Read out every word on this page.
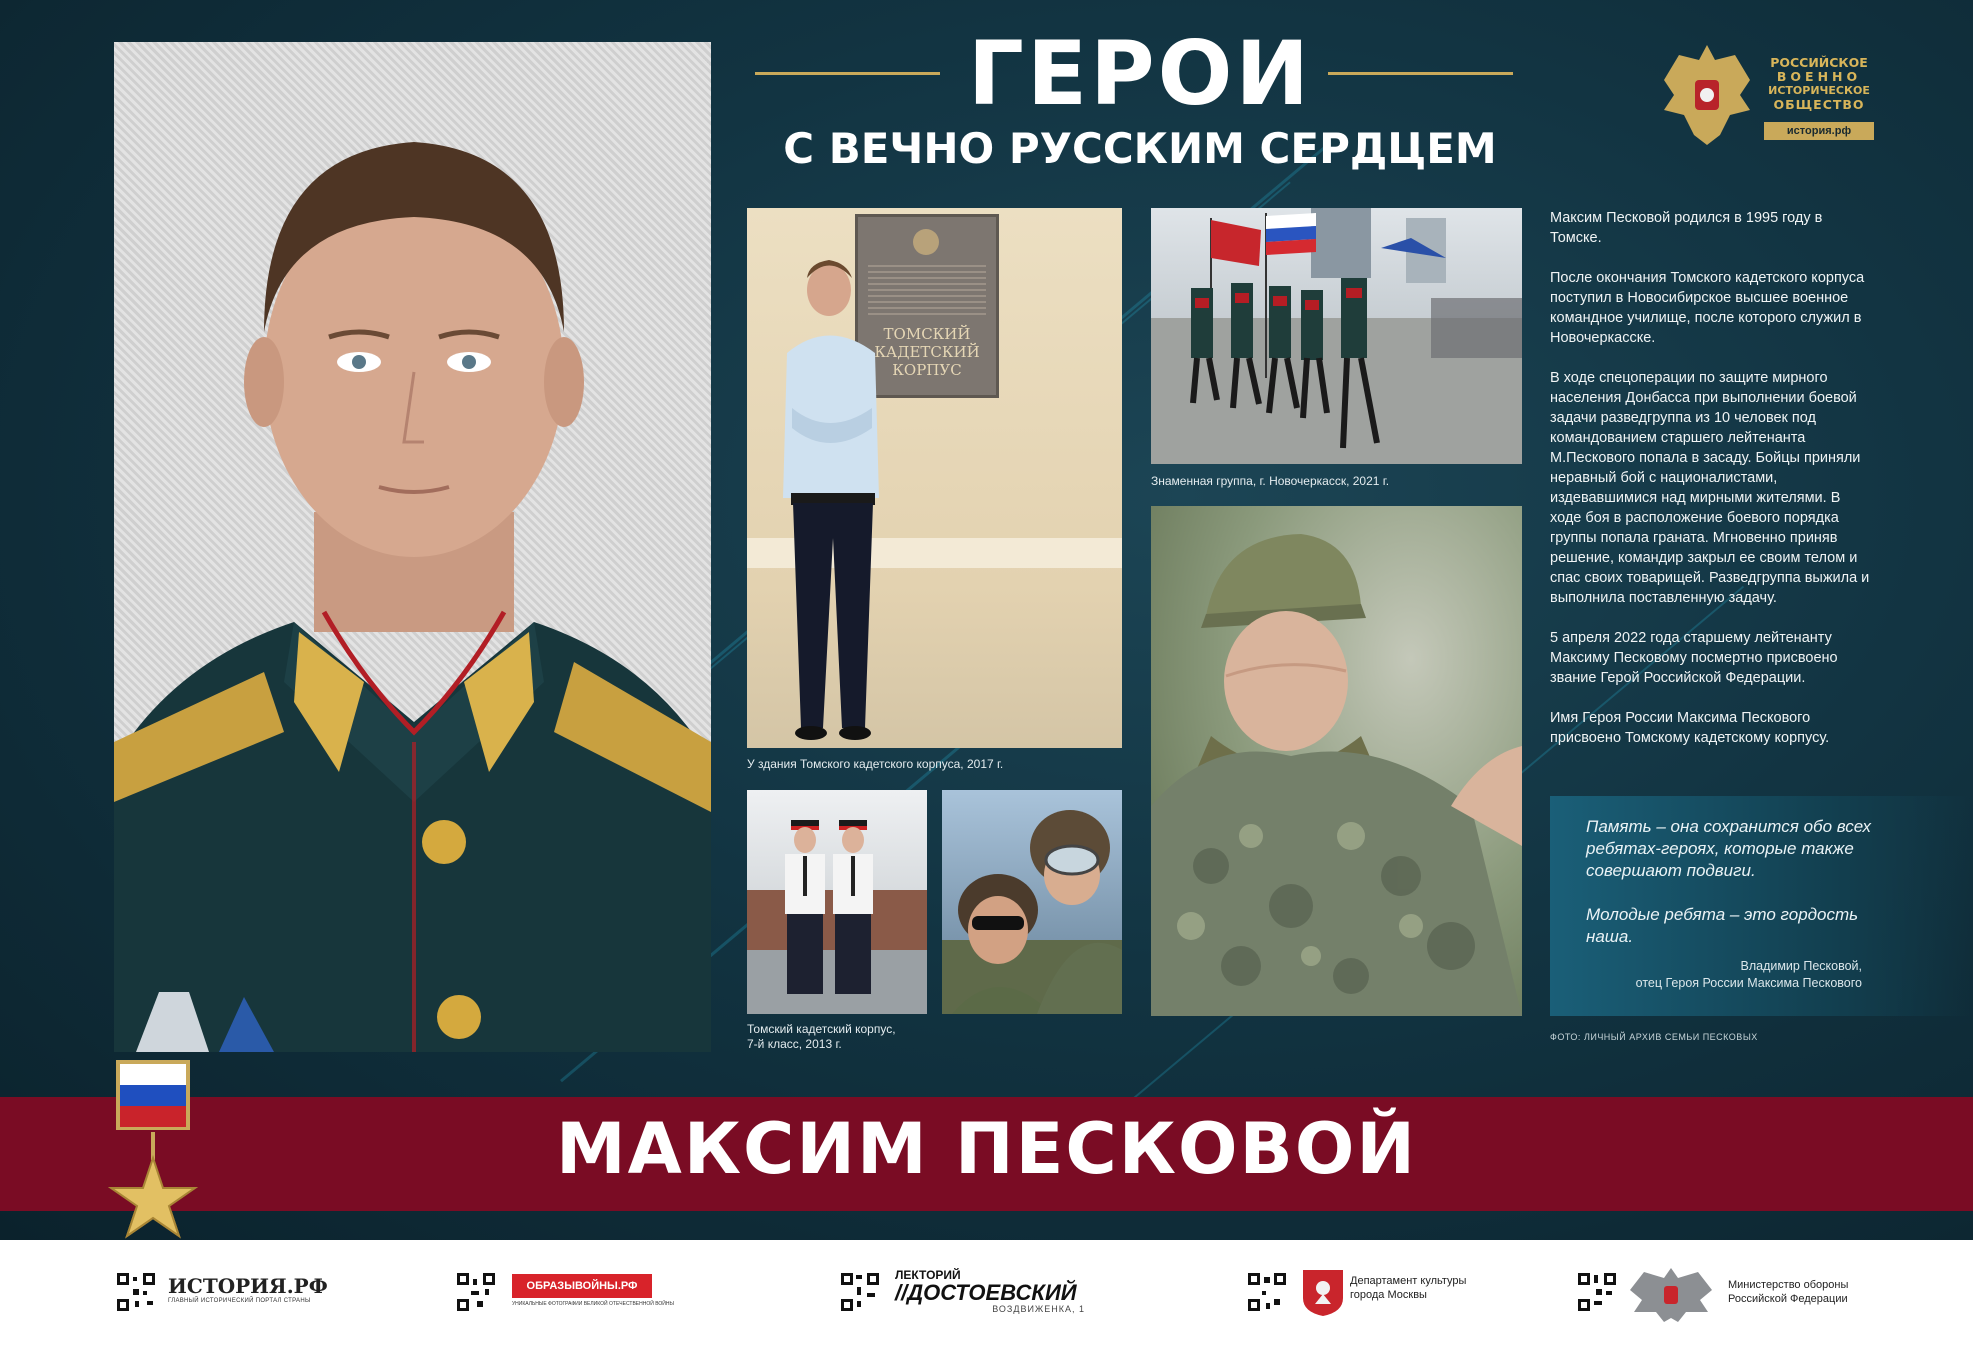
ГЕРОИ
С ВЕЧНО РУССКИМ СЕРДЦЕМ
РОССИЙСКОЕ
ВОЕННО
ИСТОРИЧЕСКОЕ
ОБЩЕСТВО
история.рф
ТОМСКИЙ
КАДЕТСКИЙ
КОРПУС
У здания Томского кадетского корпуса, 2017 г.
Знаменная группа, г. Новочеркасск, 2021 г.
Томский кадетский корпус,
7-й класс, 2013 г.

Максим Песковой родился в 1995 году в Томске.

После окончания Томского кадетского корпуса поступил в Новосибирское высшее военное командное училище, после которого служил в Новочеркасске.

В ходе спецоперации по защите мирного населения Донбасса при выполнении боевой задачи разведгруппа из 10 человек под командованием старшего лейтенанта М.Пескового попала в засаду. Бойцы приняли неравный бой с националистами, издевавшимися над мирными жителями. В ходе боя в расположение боевого порядка группы попала граната. Мгновенно приняв решение, командир закрыл ее своим телом и спас своих товарищей. Разведгруппа выжила и выполнила поставленную задачу.

5 апреля 2022 года старшему лейтенанту Максиму Песковому посмертно присвоено звание Герой Российской Федерации.

Имя Героя России Максима Пескового присвоено Томскому кадетскому корпусу.

Память – она сохранится обо всех ребятах-героях, которые также совершают подвиги.
Молодые ребята – это гордость наша.
Владимир Песковой,
отец Героя России Максима Пескового
ФОТО: ЛИЧНЫЙ АРХИВ СЕМЬИ ПЕСКОВЫХ
МАКСИМ ПЕСКОВОЙ
ИСТОРИЯ.РФ
ГЛАВНЫЙ ИСТОРИЧЕСКИЙ ПОРТАЛ СТРАНЫ
ОБРАЗЫВОЙНЫ.РФ
УНИКАЛЬНЫЕ ФОТОГРАФИИ ВЕЛИКОЙ ОТЕЧЕСТВЕННОЙ ВОЙНЫ
ЛЕКТОРИЙ
//ДОСТОЕВСКИЙ
ВОЗДВИЖЕНКА, 1
Департамент культуры
города Москвы
Министерство обороны
Российской Федерации
